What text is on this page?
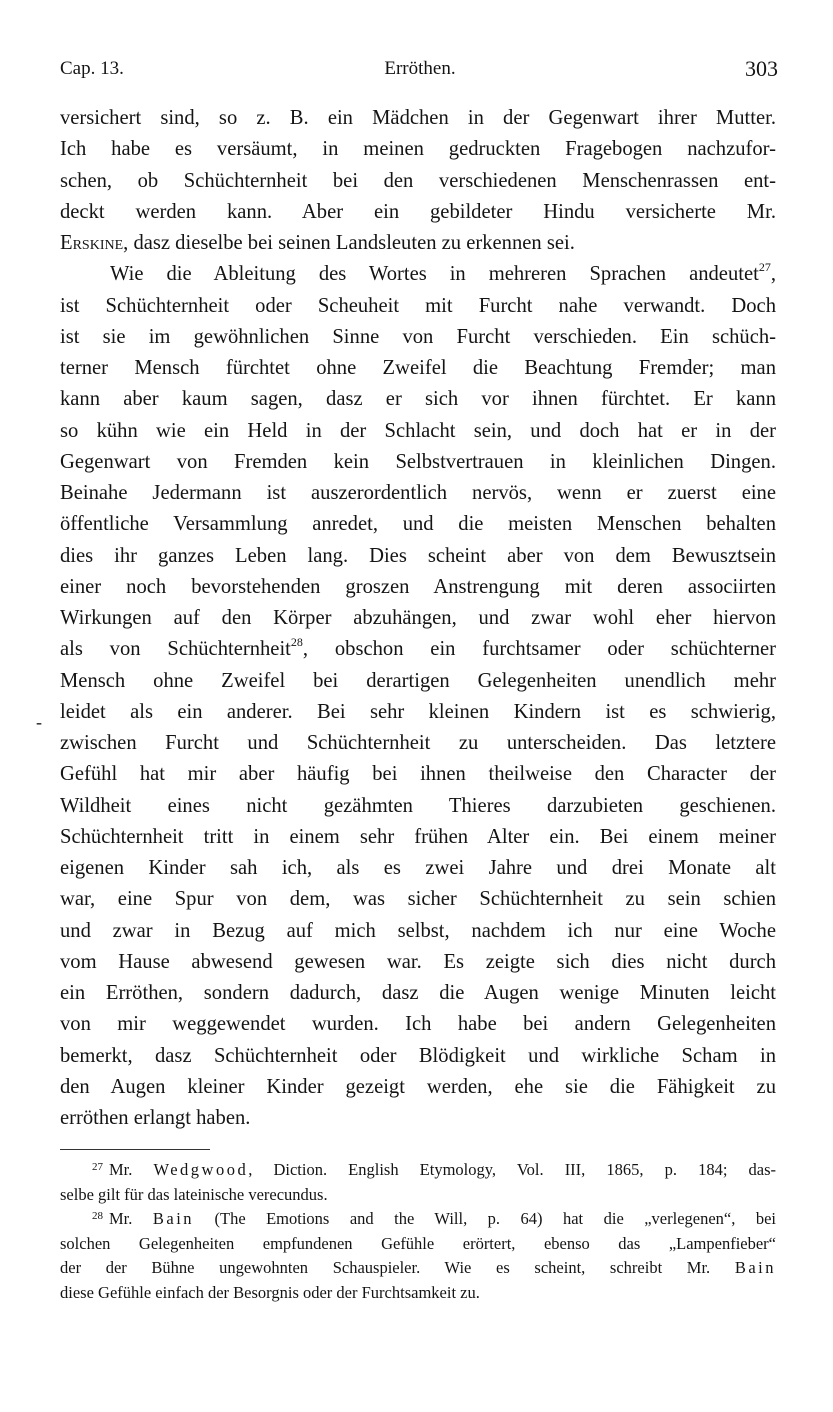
Cap. 13.	Erröthen.	303
-
versichert sind, so z. B. ein Mädchen in der Gegenwart ihrer Mutter.
Ich habe es versäumt, in meinen gedruckten Fragebogen nachzufor-
schen, ob Schüchternheit bei den verschiedenen Menschenrassen ent-
deckt werden kann. Aber ein gebildeter Hindu versicherte Mr.
Erskine, dasz dieselbe bei seinen Landsleuten zu erkennen sei.
Wie die Ableitung des Wortes in mehreren Sprachen andeutet$^{27}$,
ist Schüchternheit oder Scheuheit mit Furcht nahe verwandt. Doch
ist sie im gewöhnlichen Sinne von Furcht verschieden. Ein schüch-
terner Mensch fürchtet ohne Zweifel die Beachtung Fremder; man
kann aber kaum sagen, dasz er sich vor ihnen fürchtet. Er kann
so kühn wie ein Held in der Schlacht sein, und doch hat er in der
Gegenwart von Fremden kein Selbstvertrauen in kleinlichen Dingen.
Beinahe Jedermann ist auszerordentlich nervös, wenn er zuerst eine
öffentliche Versammlung anredet, und die meisten Menschen behalten
dies ihr ganzes Leben lang. Dies scheint aber von dem Bewusztsein
einer noch bevorstehenden groszen Anstrengung mit deren associirten
Wirkungen auf den Körper abzuhängen, und zwar wohl eher hiervon
als von Schüchternheit$^{28}$, obschon ein furchtsamer oder schüchterner
Mensch ohne Zweifel bei derartigen Gelegenheiten unendlich mehr
leidet als ein anderer. Bei sehr kleinen Kindern ist es schwierig,
zwischen Furcht und Schüchternheit zu unterscheiden. Das letztere
Gefühl hat mir aber häufig bei ihnen theilweise den Character der
Wildheit eines nicht gezähmten Thieres darzubieten geschienen.
Schüchternheit tritt in einem sehr frühen Alter ein. Bei einem meiner
eigenen Kinder sah ich, als es zwei Jahre und drei Monate alt
war, eine Spur von dem, was sicher Schüchternheit zu sein schien
und zwar in Bezug auf mich selbst, nachdem ich nur eine Woche
vom Hause abwesend gewesen war. Es zeigte sich dies nicht durch
ein Erröthen, sondern dadurch, dasz die Augen wenige Minuten leicht
von mir weggewendet wurden. Ich habe bei andern Gelegenheiten
bemerkt, dasz Schüchternheit oder Blödigkeit und wirkliche Scham in
den Augen kleiner Kinder gezeigt werden, ehe sie die Fähigkeit zu
erröthen erlangt haben.
$^{27}$ Mr. Wedgwood, Diction. English Etymology, Vol. III, 1865, p. 184; das-
selbe gilt für das lateinische verecundus.
$^{28}$ Mr. Bain (The Emotions and the Will, p. 64) hat die „verlegenen“, bei
solchen Gelegenheiten empfundenen Gefühle erörtert, ebenso das „Lampenfieber“
der der Bühne ungewohnten Schauspieler. Wie es scheint, schreibt Mr. Bain
diese Gefühle einfach der Besorgnis oder der Furchtsamkeit zu.
